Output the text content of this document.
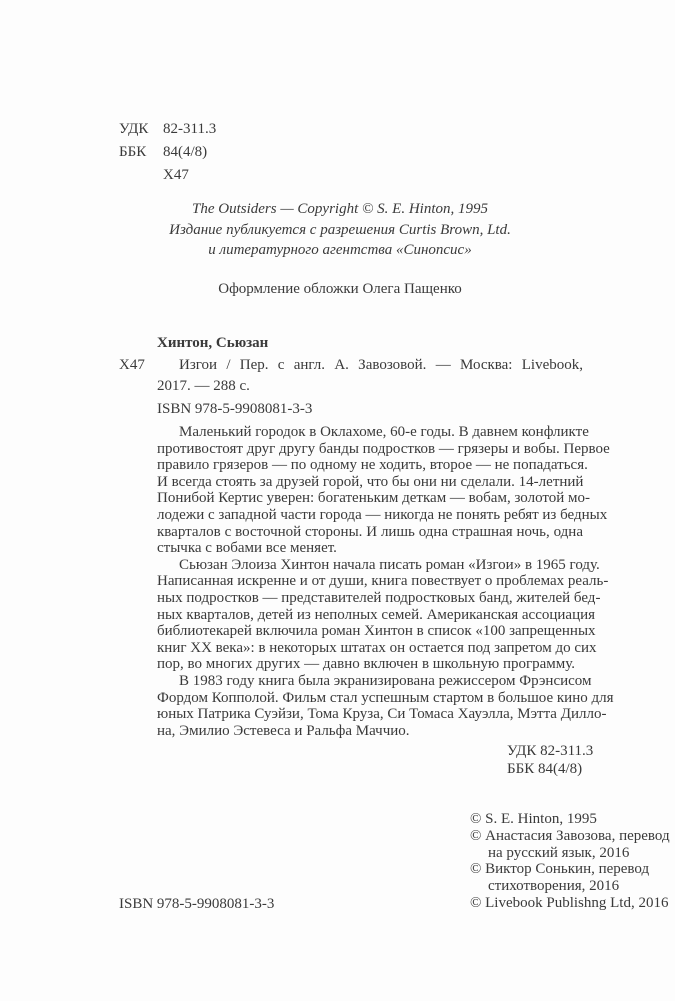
УДК 82-311.3
ББК 84(4/8)
Х47
The Outsiders — Copyright © S. E. Hinton, 1995
Издание публикуется с разрешения Curtis Brown, Ltd.
и литературного агентства «Синопсис»
Оформление обложки Олега Пащенко
Хинтон, Сьюзан
Х47 Изгои / Пер. с англ. А. Завозовой. — Москва: Livebook,
2017. — 288 с.
ISBN 978-5-9908081-3-3
Маленький городок в Оклахоме, 60-е годы. В давнем конфликте
противостоят друг другу банды подростков — грязеры и вобы. Первое
правило грязеров — по одному не ходить, второе — не попадаться.
И всегда стоять за друзей горой, что бы они ни сделали. 14-летний
Понибой Кертис уверен: богатеньким деткам — вобам, золотой мо-
лодежи с западной части города — никогда не понять ребят из бедных
кварталов с восточной стороны. И лишь одна страшная ночь, одна
стычка с вобами все меняет.
Сьюзан Элоиза Хинтон начала писать роман «Изгои» в 1965 году.
Написанная искренне и от души, книга повествует о проблемах реаль-
ных подростков — представителей подростковых банд, жителей бед-
ных кварталов, детей из неполных семей. Американская ассоциация
библиотекарей включила роман Хинтон в список «100 запрещенных
книг XX века»: в некоторых штатах он остается под запретом до сих
пор, во многих других — давно включен в школьную программу.
В 1983 году книга была экранизирована режиссером Фрэнсисом
Фордом Копполой. Фильм стал успешным стартом в большое кино для
юных Патрика Суэйзи, Тома Круза, Си Томаса Хауэлла, Мэтта Диллo-
на, Эмилио Эстевеса и Ральфа Маччио.
УДК 82-311.3
ББК 84(4/8)
© S. E. Hinton, 1995
© Анастасия Завозова, перевод
на русский язык, 2016
© Виктор Сонькин, перевод
стихотворения, 2016
© Livebook Publishng Ltd, 2016
ISBN 978-5-9908081-3-3
